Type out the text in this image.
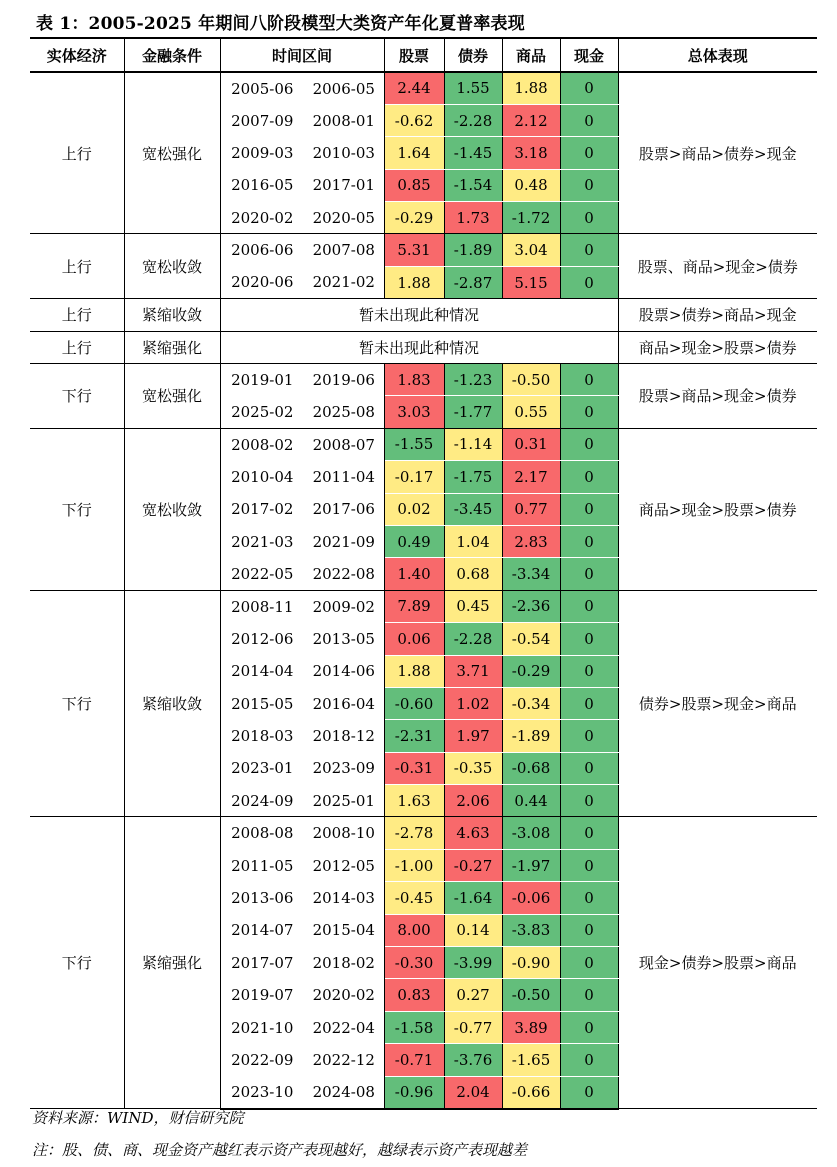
表 1：2005-2025 年期间八阶段模型大类资产年化夏普率表现
实体经济	金融条件	时间区间		股票	债券	商品	现金	总体表现
上行	宽松强化	2005-06	2006-05	2.44	1.55	1.88	0	股票>商品>债券>现金
		2007-09	2008-01	-0.62	-2.28	2.12	0	
		2009-03	2010-03	1.64	-1.45	3.18	0	
		2016-05	2017-01	0.85	-1.54	0.48	0	
		2020-02	2020-05	-0.29	1.73	-1.72	0	
上行	宽松收敛	2006-06	2007-08	5.31	-1.89	3.04	0	股票、商品>现金>债券
		2020-06	2021-02	1.88	-2.87	5.15	0	
上行	紧缩收敛	暂未出现此种情况						股票>债券>商品>现金
上行	紧缩强化	暂未出现此种情况						商品>现金>股票>债券
下行	宽松强化	2019-01	2019-06	1.83	-1.23	-0.50	0	股票>商品>现金>债券
		2025-02	2025-08	3.03	-1.77	0.55	0	
下行	宽松收敛	2008-02	2008-07	-1.55	-1.14	0.31	0	商品>现金>股票>债券
		2010-04	2011-04	-0.17	-1.75	2.17	0	
		2017-02	2017-06	0.02	-3.45	0.77	0	
		2021-03	2021-09	0.49	1.04	2.83	0	
		2022-05	2022-08	1.40	0.68	-3.34	0	
下行	紧缩收敛	2008-11	2009-02	7.89	0.45	-2.36	0	债券>股票>现金>商品
		2012-06	2013-05	0.06	-2.28	-0.54	0	
		2014-04	2014-06	1.88	3.71	-0.29	0	
		2015-05	2016-04	-0.60	1.02	-0.34	0	
		2018-03	2018-12	-2.31	1.97	-1.89	0	
		2023-01	2023-09	-0.31	-0.35	-0.68	0	
		2024-09	2025-01	1.63	2.06	0.44	0	
下行	紧缩强化	2008-08	2008-10	-2.78	4.63	-3.08	0	现金>债券>股票>商品
		2011-05	2012-05	-1.00	-0.27	-1.97	0	
		2013-06	2014-03	-0.45	-1.64	-0.06	0	
		2014-07	2015-04	8.00	0.14	-3.83	0	
		2017-07	2018-02	-0.30	-3.99	-0.90	0	
		2019-07	2020-02	0.83	0.27	-0.50	0	
		2021-10	2022-04	-1.58	-0.77	3.89	0	
		2022-09	2022-12	-0.71	-3.76	-1.65	0	
		2023-10	2024-08	-0.96	2.04	-0.66	0	
资料来源：WIND，财信研究院
注：股、债、商、现金资产越红表示资产表现越好，越绿表示资产表现越差
